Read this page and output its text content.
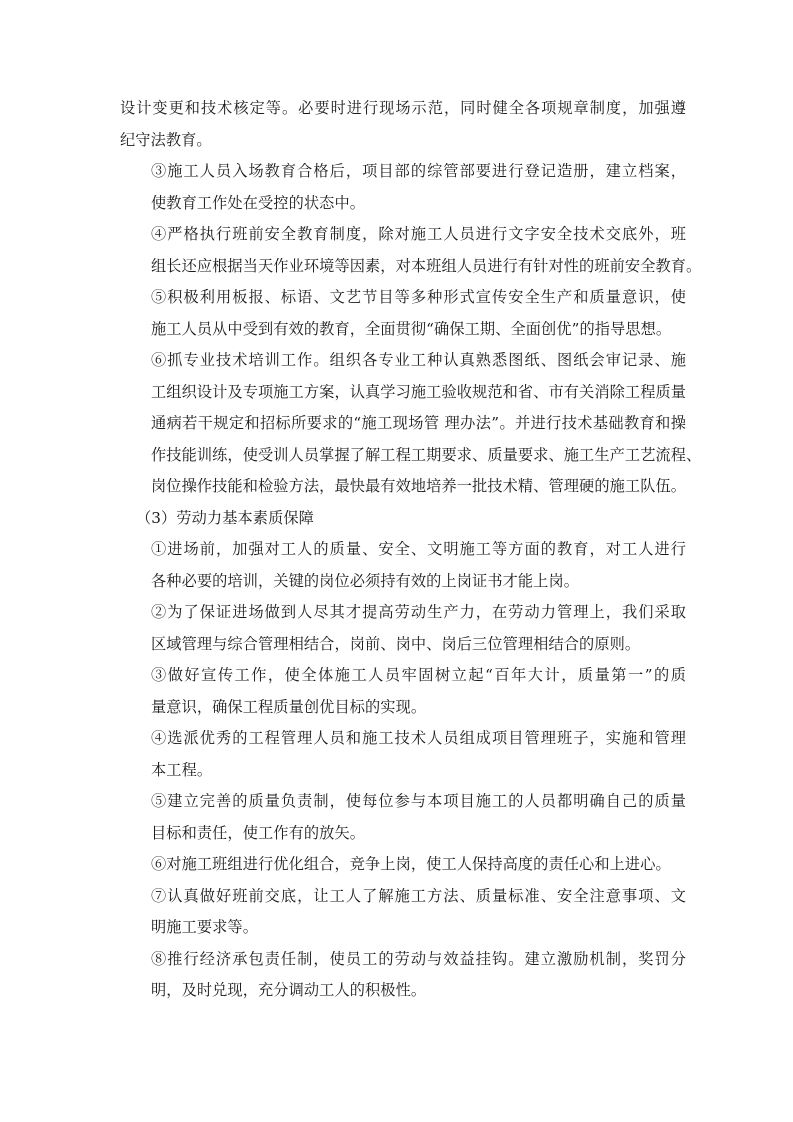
设计变更和技术核定等。必要时进行现场示范，同时健全各项规章制度，加强遵
纪守法教育。

③施工人员入场教育合格后，项目部的综管部要进行登记造册，建立档案，
使教育工作处在受控的状态中。

④严格执行班前安全教育制度，除对施工人员进行文字安全技术交底外，班
组长还应根据当天作业环境等因素，对本班组人员进行有针对性的班前安全教育。

⑤积极利用板报、标语、文艺节目等多种形式宣传安全生产和质量意识，使
施工人员从中受到有效的教育，全面贯彻“确保工期、全面创优”的指导思想。

⑥抓专业技术培训工作。组织各专业工种认真熟悉图纸、图纸会审记录、施
工组织设计及专项施工方案，认真学习施工验收规范和省、市有关消除工程质量
通病若干规定和招标所要求的“施工现场管 理办法”。并进行技术基础教育和操
作技能训练，使受训人员掌握了解工程工期要求、质量要求、施工生产工艺流程、
岗位操作技能和检验方法，最快最有效地培养一批技术精、管理硬的施工队伍。

（3）劳动力基本素质保障

①进场前，加强对工人的质量、安全、文明施工等方面的教育，对工人进行
各种必要的培训，关键的岗位必须持有效的上岗证书才能上岗。

②为了保证进场做到人尽其才提高劳动生产力，在劳动力管理上，我们采取
区域管理与综合管理相结合，岗前、岗中、岗后三位管理相结合的原则。

③做好宣传工作，使全体施工人员牢固树立起“百年大计，质量第一”的质
量意识，确保工程质量创优目标的实现。

④选派优秀的工程管理人员和施工技术人员组成项目管理班子，实施和管理
本工程。

⑤建立完善的质量负责制，使每位参与本项目施工的人员都明确自己的质量
目标和责任，使工作有的放矢。

⑥对施工班组进行优化组合，竞争上岗，使工人保持高度的责任心和上进心。

⑦认真做好班前交底，让工人了解施工方法、质量标准、安全注意事项、文
明施工要求等。

⑧推行经济承包责任制，使员工的劳动与效益挂钩。建立激励机制，奖罚分
明，及时兑现，充分调动工人的积极性。
